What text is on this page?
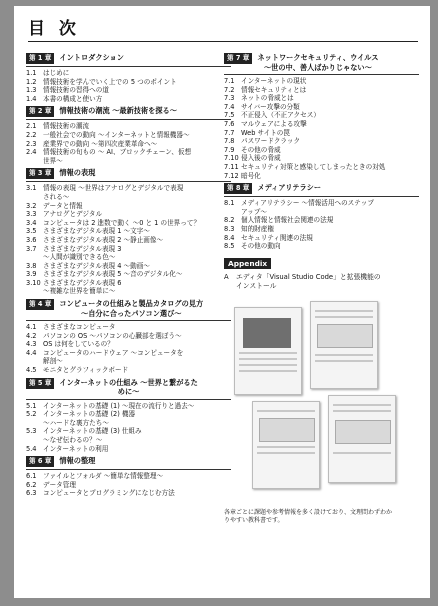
目 次
第 1 章	イントロダクション
1.1 はじめに
1.2 情報技術を学んでいく上での 5 つのポイント
1.3 情報技術の習得への道
1.4 本書の構成と使い方
第 2 章	情報技術の潮流 〜最新技術を探る〜
2.1 情報技術の潮流
2.2 一般社会での動向 〜インターネットと情報機器〜
2.3 産業界での動向 〜第四次産業革命へ〜
2.4 情報技術の旬もの 〜 AI、ブロックチェーン、仮想
世界〜
第 3 章	情報の表現
3.1 情報の表現 〜世界はアナログとデジタルで表現
される〜
3.2 データと情報
3.3 アナログとデジタル
3.4 コンピュータは 2 進数で動く 〜0 と 1 の世界って？
3.5 さまざまなデジタル表現 1 〜文字〜
3.6 さまざまなデジタル表現 2 〜静止画像〜
3.7 さまざまなデジタル表現 3
〜人間が識別できる色〜
3.8 さまざまなデジタル表現 4 〜動画〜
3.9 さまざまなデジタル表現 5 〜音のデジタル化〜
3.10 さまざまなデジタル表現 6
〜複雑な世界を簡単に〜
第 4 章	コンピュータの仕組みと製品カタログの見方
〜自分に合ったパソコン選び〜
4.1 さまざまなコンピュータ
4.2 パソコンの OS 〜パソコンの心臓部を選ぼう〜
4.3 OS は何をしているの？
4.4 コンピュータのハードウェア 〜コンピュータを
解剖〜
4.5 モニタとグラフィックボード
第 5 章	インターネットの仕組み 〜世界と繋がるた
めに〜
5.1 インターネットの基礎 (1) 〜現在の流行りと過去〜
5.2 インターネットの基礎 (2) 機器
〜ハードな裏方たち〜
5.3 インターネットの基礎 (3) 仕組み
〜なぜ伝わるの？〜
5.4 インターネットの利用
第 6 章	情報の整理
6.1 ファイルとフォルダ 〜簡単な情報整理〜
6.2 データ管理
6.3 コンピュータとプログラミングになじむ方法
第 7 章	ネットワークセキュリティ、ウイルス
〜世の中、善人ばかりじゃない〜
7.1 インターネットの現状
7.2 情報セキュリティとは
7.3 ネットの脅威とは
7.4 サイバー攻撃の分類
7.5 不正侵入（不正アクセス）
7.6 マルウェアによる攻撃
7.7 Web サイトの罠
7.8 パスワードクラック
7.9 その他の脅威
7.10 侵入後の脅威
7.11 セキュリティ対策と感染してしまったときの対処
7.12 暗号化
第 8 章	メディアリテラシー
8.1 メディアリテラシー 〜情報活用へのステップ
アップ〜
8.2 個人情報と情報社会関連の法規
8.3 知的財産権
8.4 セキュリティ関連の法規
8.5 その他の動向
Appendix
A	エディタ「Visual Studio Code」と拡張機能の
インストール
各章ごとに課題や参考情報を多く設けており、文理問わずわか
りやすい教科書です。
